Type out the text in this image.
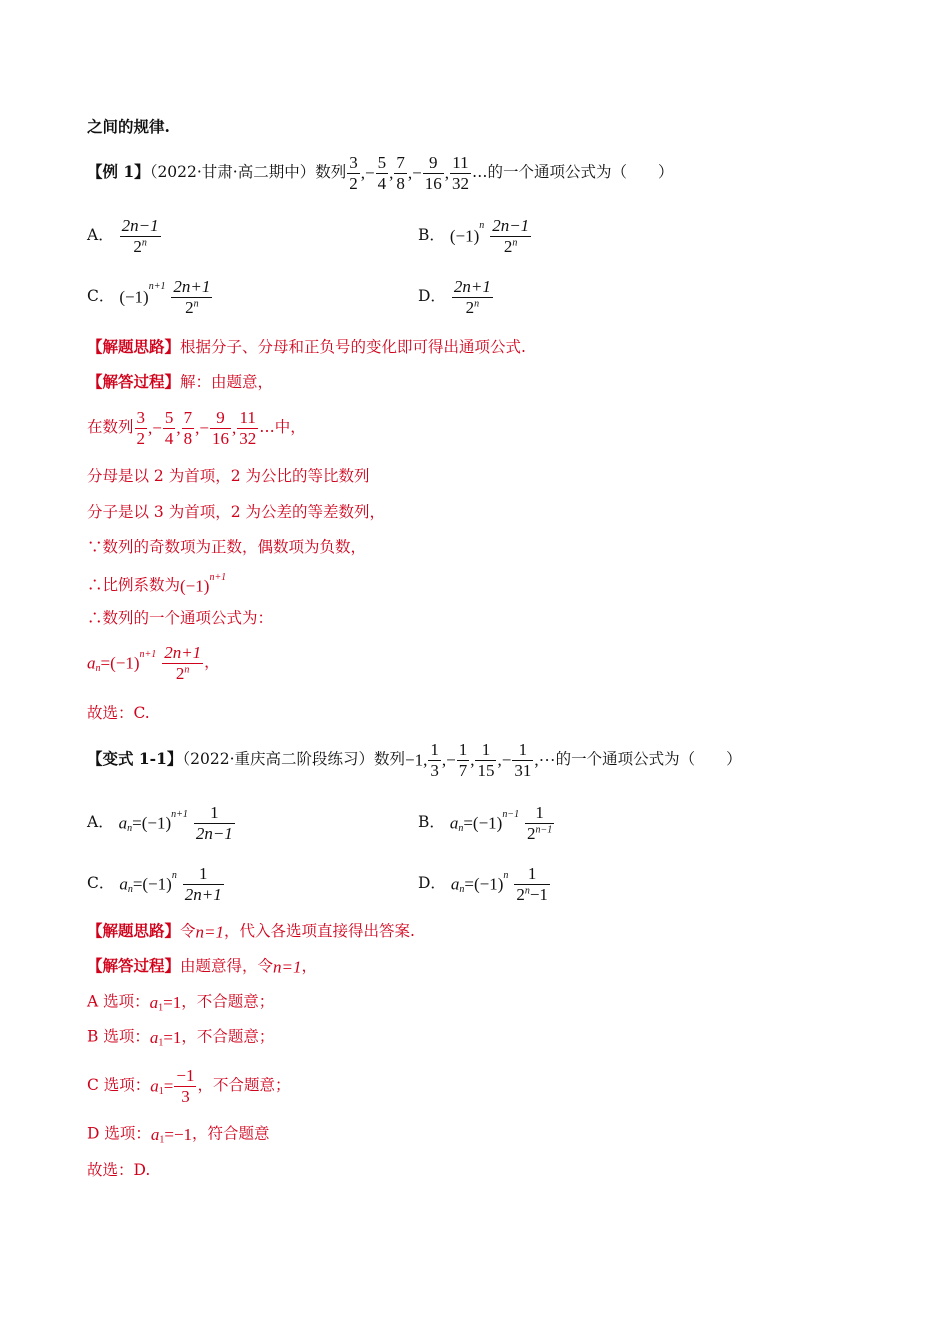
之间的规律.
【例 1】（2022·甘肃·高二期中）数列 $\frac{3}{2}$ ,− $\frac{5}{4}$ , $\frac{7}{8}$ ,− $\frac{9}{16}$ , $\frac{11}{32}$ …的一个通项公式为（　　）
A． $\frac{2n-1}{2^n}$	B． $(-1)^n \frac{2n-1}{2^n}$
C． $(-1)^{n+1} \frac{2n+1}{2^n}$	D． $\frac{2n+1}{2^n}$
【解题思路】根据分子、分母和正负号的变化即可得出通项公式.
【解答过程】解：由题意，
在数列 $\frac{3}{2}$ ,− $\frac{5}{4}$ , $\frac{7}{8}$ ,− $\frac{9}{16}$ , $\frac{11}{32}$ …中，
分母是以 2 为首项，2 为公比的等比数列
分子是以 3 为首项，2 为公差的等差数列，
∵数列的奇数项为正数，偶数项为负数，
∴比例系数为$(-1)^{n+1}$
∴数列的一个通项公式为：
$a_n=(-1)^{n+1} \frac{2n+1}{2^n}$ ，
故选：C.
【变式 1-1】（2022·重庆高二阶段练习）数列−1, $\frac{1}{3}$ ,− $\frac{1}{7}$ , $\frac{1}{15}$ ,− $\frac{1}{31}$ ,···的一个通项公式为（　　）
A． $a_n=(-1)^{n+1} \frac{1}{2n-1}$	B． $a_n=(-1)^{n-1} \frac{1}{2^{n-1}}$
C． $a_n=(-1)^n \frac{1}{2n+1}$	D． $a_n=(-1)^n \frac{1}{2^n-1}$
【解题思路】令n=1，代入各选项直接得出答案.
【解答过程】由题意得，令n=1，
A 选项：$a_1=1$，不合题意；
B 选项：$a_1=1$，不合题意；
C 选项：$a_1= \frac{-1}{3}$ ，不合题意；
D 选项：$a_1=-1$，符合题意
故选：D.
